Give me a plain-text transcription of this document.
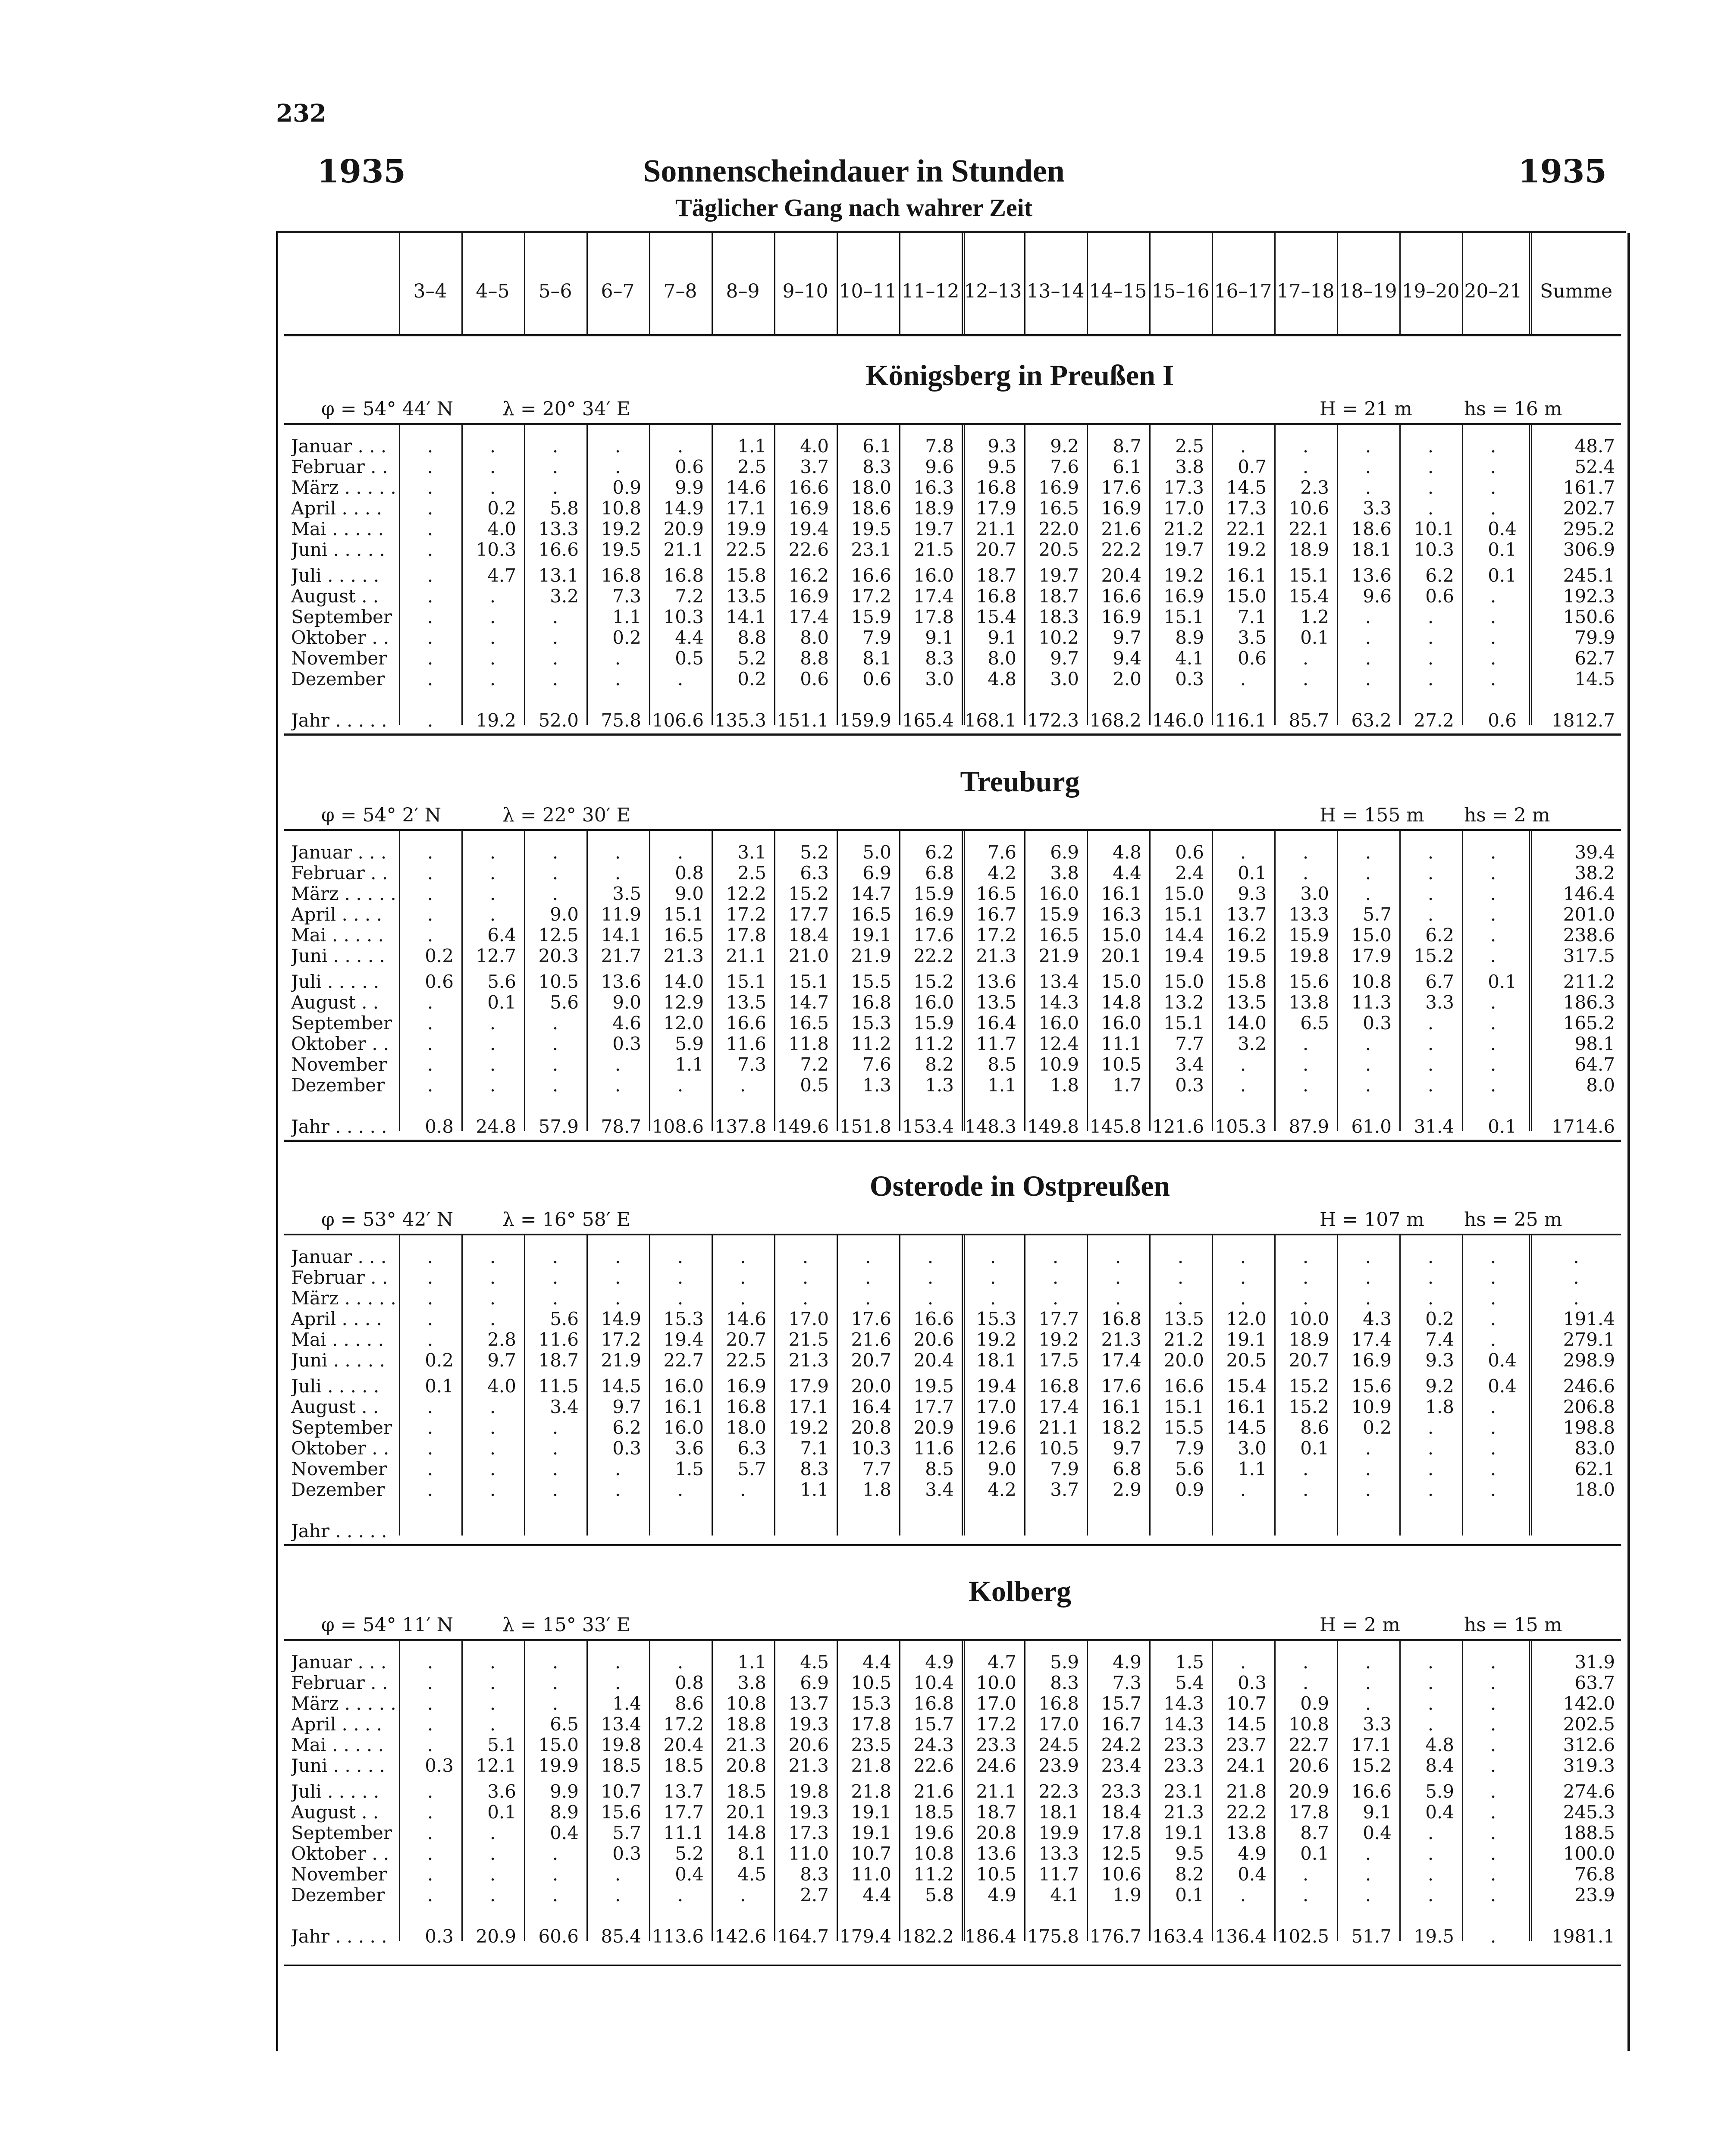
232
1935	Sonnenscheindauer in Stunden	1935
Täglicher Gang nach wahrer Zeit
3–4	4–5	5–6	6–7	7–8	8–9	9–10 10–11 11–12 12–13 13–14 14–15 15–16 16–17 17–18 18–19 19–20 20–21 Summe
Königsberg in Preußen I
φ = 54° 44′ N	λ = 20° 34′ E	H = 21 m	hs = 16 m
Januar . . .	.	.	.	.	.	1.1	4.0	6.1	7.8	9.3	9.2	8.7	2.5	.	.	.	.	.	48.7
Februar . .	.	.	.	.	0.6	2.5	3.7	8.3	9.6	9.5	7.6	6.1	3.8	0.7	.	.	.	.	52.4
März . . . . .	.	.	.	0.9	9.9	14.6	16.6	18.0	16.3	16.8	16.9	17.6	17.3	14.5	2.3	.	.	.	161.7
April . . . .	.	0.2	5.8	10.8	14.9	17.1	16.9	18.6	18.9	17.9	16.5	16.9	17.0	17.3	10.6	3.3	.	.	202.7
Mai . . . . .	.	4.0	13.3	19.2	20.9	19.9	19.4	19.5	19.7	21.1	22.0	21.6	21.2	22.1	22.1	18.6	10.1	0.4	295.2
Juni . . . . .	.	10.3	16.6	19.5	21.1	22.5	22.6	23.1	21.5	20.7	20.5	22.2	19.7	19.2	18.9	18.1	10.3	0.1	306.9
Juli . . . . .	.	4.7	13.1	16.8	16.8	15.8	16.2	16.6	16.0	18.7	19.7	20.4	19.2	16.1	15.1	13.6	6.2	0.1	245.1
August . .	.	.	3.2	7.3	7.2	13.5	16.9	17.2	17.4	16.8	18.7	16.6	16.9	15.0	15.4	9.6	0.6	.	192.3
September	.	.	.	1.1	10.3	14.1	17.4	15.9	17.8	15.4	18.3	16.9	15.1	7.1	1.2	.	.	.	150.6
Oktober . .	.	.	.	0.2	4.4	8.8	8.0	7.9	9.1	9.1	10.2	9.7	8.9	3.5	0.1	.	.	.	79.9
November	.	.	.	.	0.5	5.2	8.8	8.1	8.3	8.0	9.7	9.4	4.1	0.6	.	.	.	.	62.7
Dezember	.	.	.	.	.	0.2	0.6	0.6	3.0	4.8	3.0	2.0	0.3	.	.	.	.	.	14.5
Jahr . . . . .	.	19.2	52.0	75.8 106.6 135.3 151.1 159.9 165.4 168.1 172.3 168.2 146.0 116.1	85.7	63.2	27.2	0.6	1812.7
Treuburg
φ = 54° 2′ N	λ = 22° 30′ E	H = 155 m hs = 2 m
Januar . . .	.	.	.	.	.	3.1	5.2	5.0	6.2	7.6	6.9	4.8	0.6	.	.	.	.	.	39.4
Februar . .	.	.	.	.	0.8	2.5	6.3	6.9	6.8	4.2	3.8	4.4	2.4	0.1	.	.	.	.	38.2
März . . . . .	.	.	.	3.5	9.0	12.2	15.2	14.7	15.9	16.5	16.0	16.1	15.0	9.3	3.0	.	.	.	146.4
April . . . .	.	.	9.0	11.9	15.1	17.2	17.7	16.5	16.9	16.7	15.9	16.3	15.1	13.7	13.3	5.7	.	.	201.0
Mai . . . . .	.	6.4	12.5	14.1	16.5	17.8	18.4	19.1	17.6	17.2	16.5	15.0	14.4	16.2	15.9	15.0	6.2	.	238.6
Juni . . . . .	0.2	12.7	20.3	21.7	21.3	21.1	21.0	21.9	22.2	21.3	21.9	20.1	19.4	19.5	19.8	17.9	15.2	.	317.5
Juli . . . . .	0.6	5.6	10.5	13.6	14.0	15.1	15.1	15.5	15.2	13.6	13.4	15.0	15.0	15.8	15.6	10.8	6.7	0.1	211.2
August . .	.	0.1	5.6	9.0	12.9	13.5	14.7	16.8	16.0	13.5	14.3	14.8	13.2	13.5	13.8	11.3	3.3	.	186.3
September	.	.	.	4.6	12.0	16.6	16.5	15.3	15.9	16.4	16.0	16.0	15.1	14.0	6.5	0.3	.	.	165.2
Oktober . .	.	.	.	0.3	5.9	11.6	11.8	11.2	11.2	11.7	12.4	11.1	7.7	3.2	.	.	.	.	98.1
November	.	.	.	.	1.1	7.3	7.2	7.6	8.2	8.5	10.9	10.5	3.4	.	.	.	.	.	64.7
Dezember	.	.	.	.	.	.	0.5	1.3	1.3	1.1	1.8	1.7	0.3	.	.	.	.	.	8.0
Jahr . . . . .	0.8	24.8	57.9	78.7 108.6 137.8 149.6 151.8 153.4 148.3 149.8 145.8 121.6 105.3	87.9	61.0	31.4	0.1	1714.6
Osterode in Ostpreußen
φ = 53° 42′ N	λ = 16° 58′ E	H = 107 m hs = 25 m
Januar . . .	.	.	.	.	.	.	.	.	.	.	.	.	.	.	.	.	.	.	.
Februar . .	.	.	.	.	.	.	.	.	.	.	.	.	.	.	.	.	.	.	.
März . . . . .	.	.	.	.	.	.	.	.	.	.	.	.	.	.	.	.	.	.	.
April . . . .	.	.	5.6	14.9	15.3	14.6	17.0	17.6	16.6	15.3	17.7	16.8	13.5	12.0	10.0	4.3	0.2	.	191.4
Mai . . . . .	.	2.8	11.6	17.2	19.4	20.7	21.5	21.6	20.6	19.2	19.2	21.3	21.2	19.1	18.9	17.4	7.4	.	279.1
Juni . . . . .	0.2	9.7	18.7	21.9	22.7	22.5	21.3	20.7	20.4	18.1	17.5	17.4	20.0	20.5	20.7	16.9	9.3	0.4	298.9
Juli . . . . .	0.1	4.0	11.5	14.5	16.0	16.9	17.9	20.0	19.5	19.4	16.8	17.6	16.6	15.4	15.2	15.6	9.2	0.4	246.6
August . .	.	.	3.4	9.7	16.1	16.8	17.1	16.4	17.7	17.0	17.4	16.1	15.1	16.1	15.2	10.9	1.8	.	206.8
September	.	.	.	6.2	16.0	18.0	19.2	20.8	20.9	19.6	21.1	18.2	15.5	14.5	8.6	0.2	.	.	198.8
Oktober . .	.	.	.	0.3	3.6	6.3	7.1	10.3	11.6	12.6	10.5	9.7	7.9	3.0	0.1	.	.	.	83.0
November	.	.	.	.	1.5	5.7	8.3	7.7	8.5	9.0	7.9	6.8	5.6	1.1	.	.	.	.	62.1
Dezember	.	.	.	.	.	.	1.1	1.8	3.4	4.2	3.7	2.9	0.9	.	.	.	.	.	18.0
Jahr . . . . .
Kolberg
φ = 54° 11′ N	λ = 15° 33′ E	H = 2 m	hs = 15 m
Januar . . .	.	.	.	.	.	1.1	4.5	4.4	4.9	4.7	5.9	4.9	1.5	.	.	.	.	.	31.9
Februar . .	.	.	.	.	0.8	3.8	6.9	10.5	10.4	10.0	8.3	7.3	5.4	0.3	.	.	.	.	63.7
März . . . . .	.	.	.	1.4	8.6	10.8	13.7	15.3	16.8	17.0	16.8	15.7	14.3	10.7	0.9	.	.	.	142.0
April . . . .	.	.	6.5	13.4	17.2	18.8	19.3	17.8	15.7	17.2	17.0	16.7	14.3	14.5	10.8	3.3	.	.	202.5
Mai . . . . .	.	5.1	15.0	19.8	20.4	21.3	20.6	23.5	24.3	23.3	24.5	24.2	23.3	23.7	22.7	17.1	4.8	.	312.6
Juni . . . . .	0.3	12.1	19.9	18.5	18.5	20.8	21.3	21.8	22.6	24.6	23.9	23.4	23.3	24.1	20.6	15.2	8.4	.	319.3
Juli . . . . .	.	3.6	9.9	10.7	13.7	18.5	19.8	21.8	21.6	21.1	22.3	23.3	23.1	21.8	20.9	16.6	5.9	.	274.6
August . .	.	0.1	8.9	15.6	17.7	20.1	19.3	19.1	18.5	18.7	18.1	18.4	21.3	22.2	17.8	9.1	0.4	.	245.3
September	.	.	0.4	5.7	11.1	14.8	17.3	19.1	19.6	20.8	19.9	17.8	19.1	13.8	8.7	0.4	.	.	188.5
Oktober . .	.	.	.	0.3	5.2	8.1	11.0	10.7	10.8	13.6	13.3	12.5	9.5	4.9	0.1	.	.	.	100.0
November	.	.	.	.	0.4	4.5	8.3	11.0	11.2	10.5	11.7	10.6	8.2	0.4	.	.	.	.	76.8
Dezember	.	.	.	.	.	.	2.7	4.4	5.8	4.9	4.1	1.9	0.1	.	.	.	.	.	23.9
Jahr . . . . .	0.3	20.9	60.6	85.4 113.6 142.6 164.7 179.4 182.2 186.4 175.8 176.7 163.4 136.4 102.5	51.7	19.5	.	1981.1
